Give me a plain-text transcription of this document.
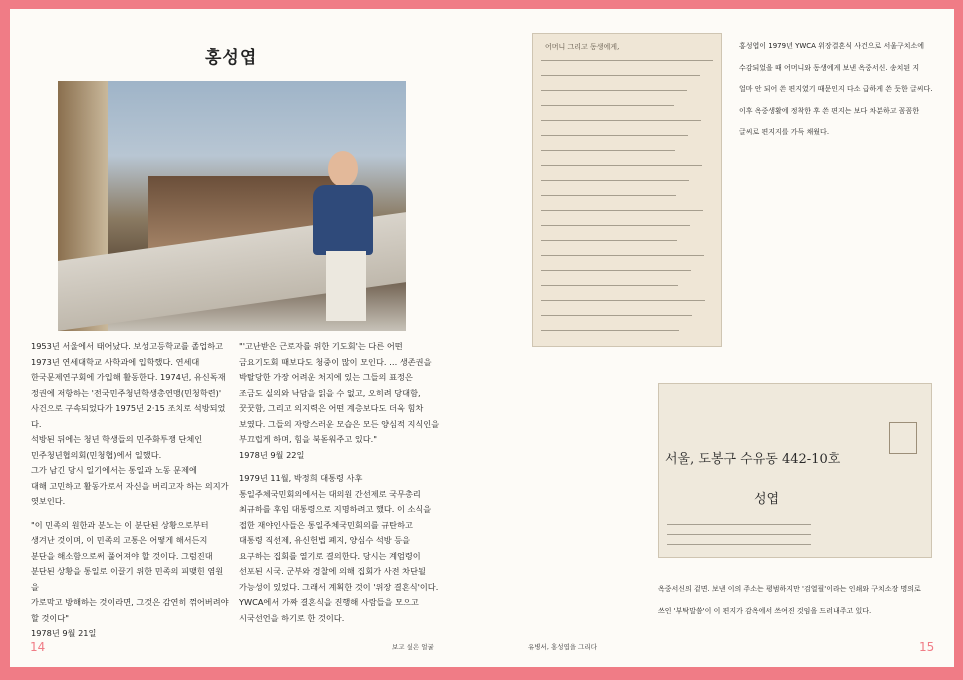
홍성엽

1953년 서울에서 태어났다. 보성고등학교를 졸업하고

1973년 연세대학교 사학과에 입학했다. 연세대

한국문제연구회에 가입해 활동한다. 1974년, 유신독재

정권에 저항하는 '전국민주청년학생총연맹(민청학련)'

사건으로 구속되었다가 1975년 2·15 조치로 석방되었다.

석방된 뒤에는 청년 학생들의 민주화투쟁 단체인

민주청년협의회(민청협)에서 일했다.

그가 남긴 당시 일기에서는 통일과 노동 문제에

대해 고민하고 활동가로서 자신을 버리고자 하는 의지가

엿보인다.

"이 민족의 원한과 분노는 이 분단된 상황으로부터

생겨난 것이며, 이 민족의 고통은 어떻게 해서든지

분단을 해소함으로써 풀어져야 할 것이다. 그럼진대

분단된 상황을 통일로 이끌기 위한 민족의 피맺힌 염원을

가로막고 방해하는 것이라면, 그것은 감연히 꺾어버려야

할 것이다"

1978년 9월 21일

"'고난받은 근로자를 위한 기도회'는 다른 어떤

금요기도회 때보다도 청중이 많이 모인다. … 생존권을

박탈당한 가장 어려운 처지에 있는 그들의 표정은

조금도 실의와 낙담을 읽을 수 없고, 오히려 당대함,

꿋꿋함, 그리고 의지력은 어떤 계층보다도 더욱 힘차

보였다. 그들의 자랑스러운 모습은 모든 양심적 지식인을

부끄럽게 하며, 힘을 북돋워주고 있다."

1978년 9월 22일

1979년 11월, 박정희 대통령 사후

통일주체국민회의에서는 대의원 간선제로 국무총리

최규하를 후임 대통령으로 지명하려고 했다. 이 소식을

접한 재야인사들은 통일주체국민회의를 규탄하고

대통령 직선제, 유신헌법 폐지, 양심수 석방 등을

요구하는 집회를 열기로 결의한다. 당시는 계엄령이

선포된 시국. 군부와 경찰에 의해 집회가 사전 차단될

가능성이 있었다. 그래서 계획한 것이 '위장 결혼식'이다.

YWCA에서 가짜 결혼식을 진행해 사람들을 모으고

시국선언을 하기로 한 것이다.

14	보고 싶은 얼굴
어머니 그리고 동생에게,	홍성엽이 1979년 YWCA 위장결혼식 사건으로 서울구치소에

수감되었을 때 어머니와 동생에게 보낸 옥중서신. 송치된 지

얼마 안 되어 쓴 편지였기 때문인지 다소 급하게 쓴 듯한 글씨다.

이후 옥중생활에 정착한 후 쓴 편지는 보다 차분하고 꼼꼼한

글씨로 편지지를 가득 채웠다.

서울, 도봉구 수유동 442-10호
성엽

옥중서신의 겉면. 보낸 이의 주소는 평범하지만 '검열필'이라는 인쇄와 구치소장 명의로

쓰인 '부탁말씀'이 이 편지가 감옥에서 쓰여진 것임을 드러내주고 있다.

유병서, 홍성엽을 그리다	15
